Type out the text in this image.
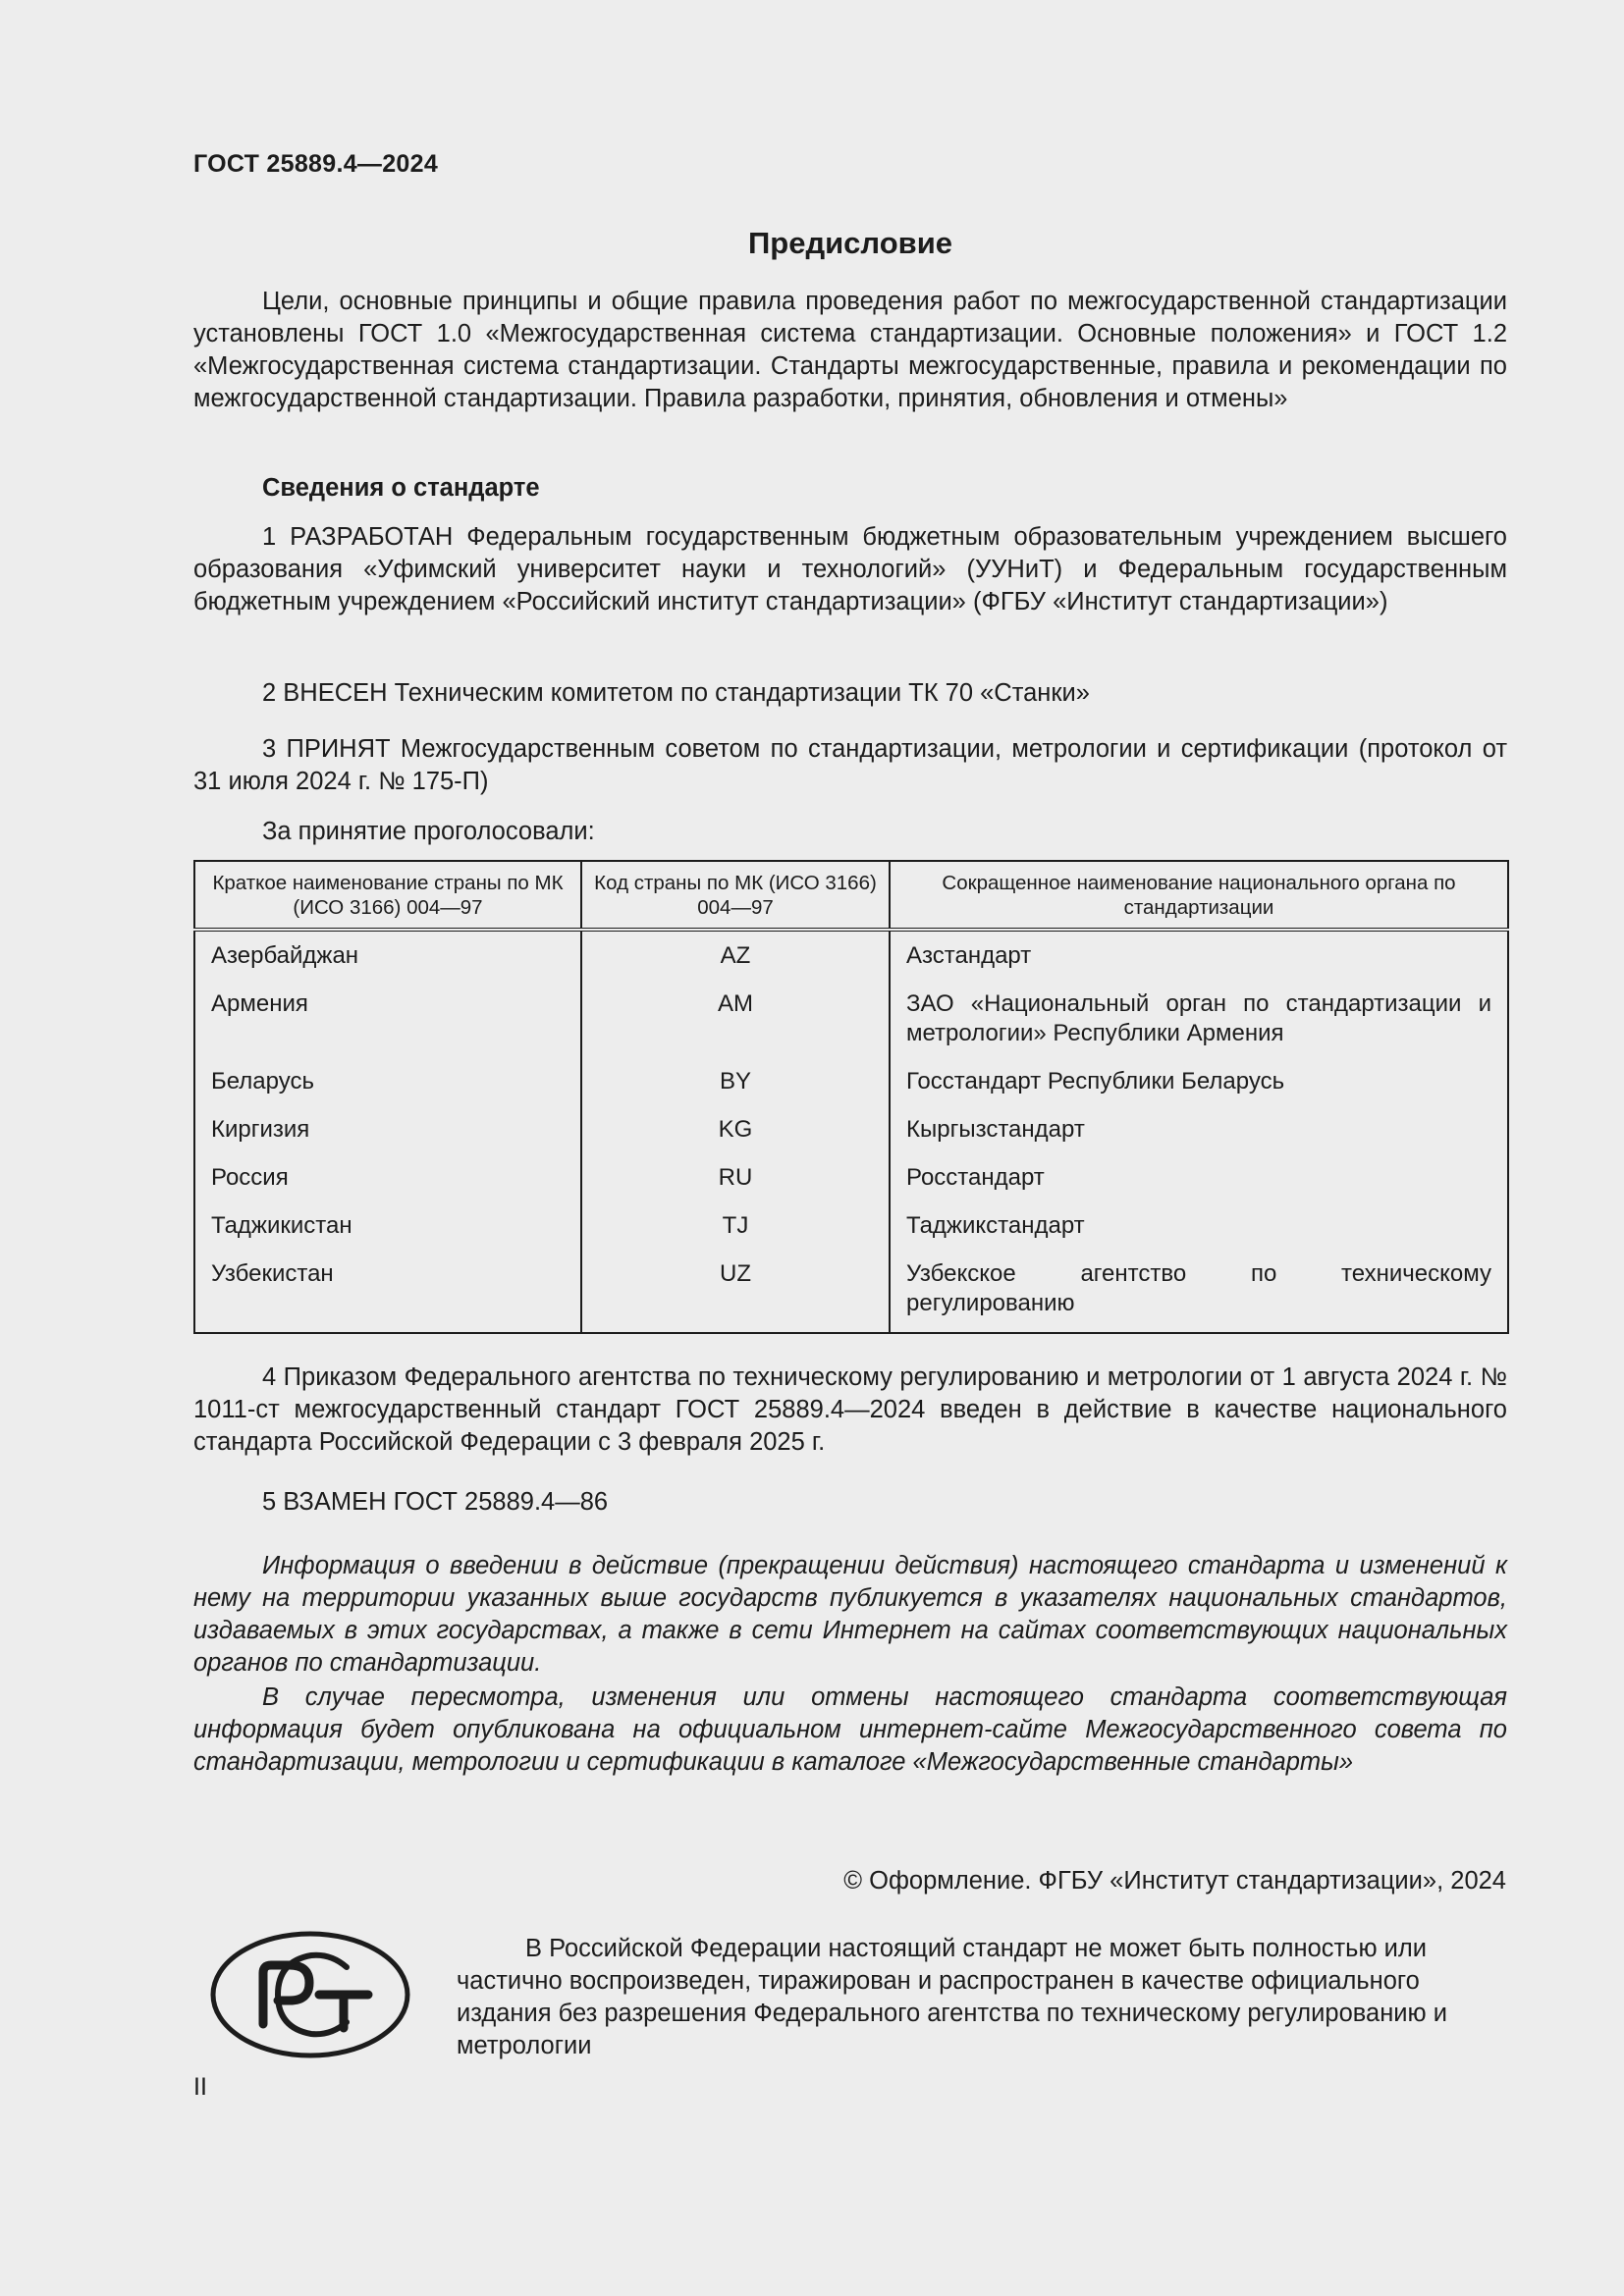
ГОСТ 25889.4—2024
Предисловие
Цели, основные принципы и общие правила проведения работ по межгосударственной стандартизации установлены ГОСТ 1.0 «Межгосударственная система стандартизации. Основные положения» и ГОСТ 1.2 «Межгосударственная система стандартизации. Стандарты межгосударственные, правила и рекомендации по межгосударственной стандартизации. Правила разработки, принятия, обновления и отмены»
Сведения о стандарте
1 РАЗРАБОТАН Федеральным государственным бюджетным образовательным учреждением высшего образования «Уфимский университет науки и технологий» (УУНиТ) и Федеральным государственным бюджетным учреждением «Российский институт стандартизации» (ФГБУ «Институт стандартизации»)
2 ВНЕСЕН Техническим комитетом по стандартизации ТК 70 «Станки»
3 ПРИНЯТ Межгосударственным советом по стандартизации, метрологии и сертификации (протокол от 31 июля 2024 г. № 175-П)
За принятие проголосовали:
Краткое наименование страны по МК (ИСО 3166) 004—97	Код страны по МК (ИСО 3166) 004—97	Сокращенное наименование национального органа по стандартизации
Азербайджан	AZ	Азстандарт
Армения	AM	ЗАО «Национальный орган по стандартизации и метрологии» Республики Армения
Беларусь	BY	Госстандарт Республики Беларусь
Киргизия	KG	Кыргызстандарт
Россия	RU	Росстандарт
Таджикистан	TJ	Таджикстандарт
Узбекистан	UZ	Узбекское агентство по техническому регулированию
4 Приказом Федерального агентства по техническому регулированию и метрологии от 1 августа 2024 г. № 1011-ст межгосударственный стандарт ГОСТ 25889.4—2024 введен в действие в качестве национального стандарта Российской Федерации с 3 февраля 2025 г.
5 ВЗАМЕН ГОСТ 25889.4—86
Информация о введении в действие (прекращении действия) настоящего стандарта и изменений к нему на территории указанных выше государств публикуется в указателях национальных стандартов, издаваемых в этих государствах, а также в сети Интернет на сайтах соответствующих национальных органов по стандартизации.
В случае пересмотра, изменения или отмены настоящего стандарта соответствующая информация будет опубликована на официальном интернет-сайте Межгосударственного совета по стандартизации, метрологии и сертификации в каталоге «Межгосударственные стандарты»
© Оформление. ФГБУ «Институт стандартизации», 2024
В Российской Федерации настоящий стандарт не может быть полностью или частично воспроизведен, тиражирован и распространен в качестве официального издания без разрешения Федерального агентства по техническому регулированию и метрологии
II
